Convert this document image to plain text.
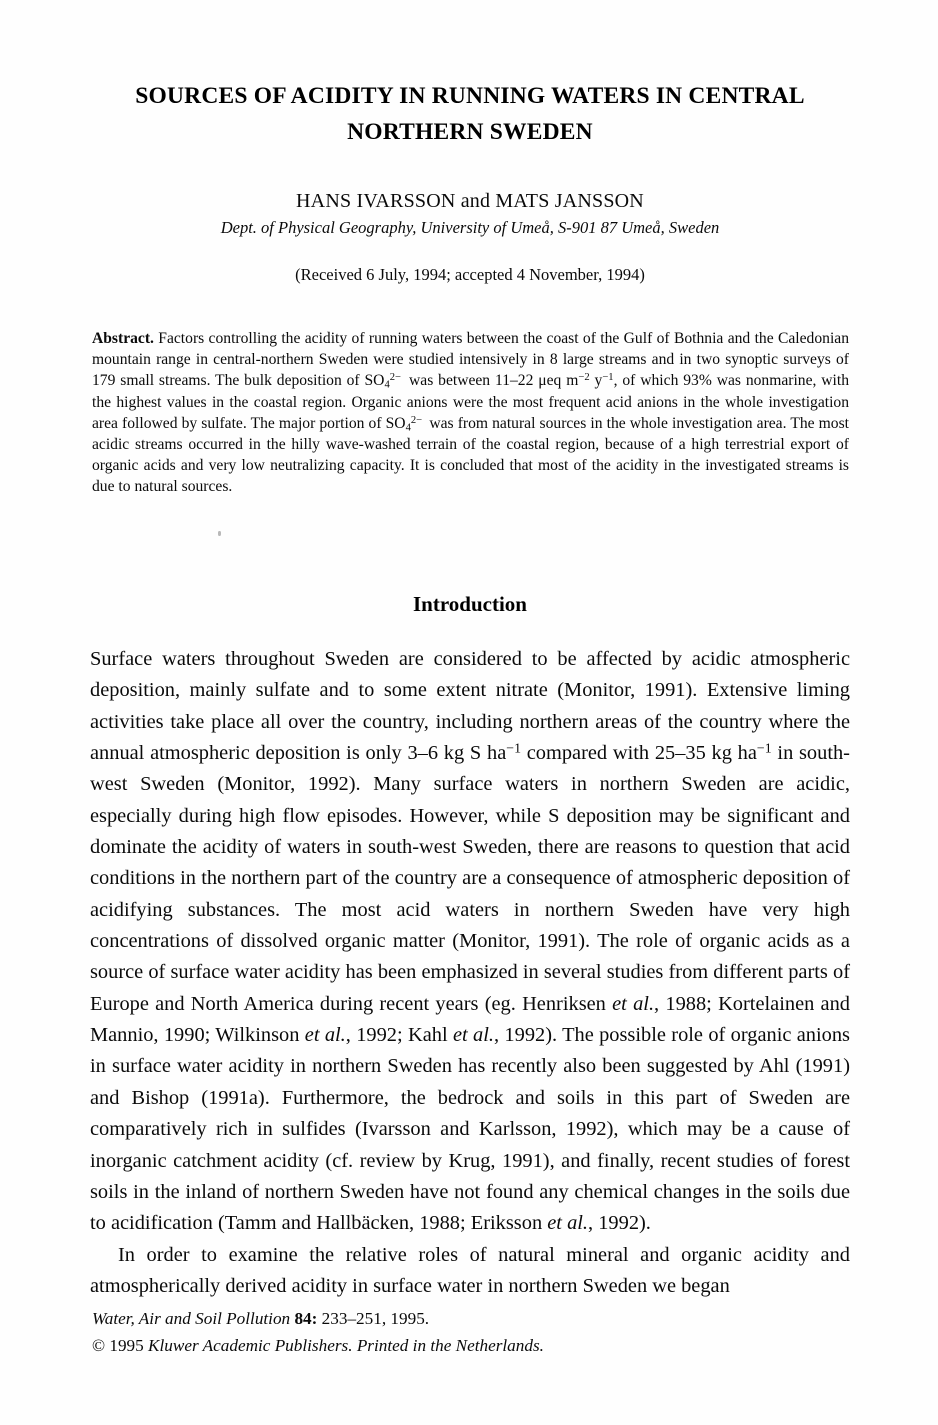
SOURCES OF ACIDITY IN RUNNING WATERS IN CENTRAL
NORTHERN SWEDEN
HANS IVARSSON and MATS JANSSON
Dept. of Physical Geography, University of Umeå, S-901 87 Umeå, Sweden
(Received 6 July, 1994; accepted 4 November, 1994)
Abstract. Factors controlling the acidity of running waters between the coast of the Gulf of Bothnia and the Caledonian mountain range in central-northern Sweden were studied intensively in 8 large streams and in two synoptic surveys of 179 small streams. The bulk deposition of $SO_4^{2-}$  was between 11–22 μeq $m^{-2}$ $y^{-1}$, of which 93% was nonmarine, with the highest values in the coastal region. Organic anions were the most frequent acid anions in the whole investigation area followed by sulfate. The major portion of $SO_4^{2-}$  was from natural sources in the whole investigation area. The most acidic streams occurred in the hilly wave-washed terrain of the coastal region, because of a high terrestrial export of organic acids and very low neutralizing capacity. It is concluded that most of the acidity in the investigated streams is due to natural sources.
Introduction

Surface waters throughout Sweden are considered to be affected by acidic atmospheric deposition, mainly sulfate and to some extent nitrate (Monitor, 1991). Extensive liming activities take place all over the country, including northern areas of the country where the annual atmospheric deposition is only 3–6 kg S $ha^{-1}$ compared with 25–35 kg $ha^{-1}$ in south-west Sweden (Monitor, 1992). Many surface waters in northern Sweden are acidic, especially during high flow episodes. However, while S deposition may be significant and dominate the acidity of waters in south-west Sweden, there are reasons to question that acid conditions in the northern part of the country are a consequence of atmospheric deposition of acidifying substances. The most acid waters in northern Sweden have very high concentrations of dissolved organic matter (Monitor, 1991). The role of organic acids as a source of surface water acidity has been emphasized in several studies from different parts of Europe and North America during recent years (eg. Henriksen et al., 1988; Kortelainen and Mannio, 1990; Wilkinson et al., 1992; Kahl et al., 1992). The possible role of organic anions in surface water acidity in northern Sweden has recently also been suggested by Ahl (1991) and Bishop (1991a). Furthermore, the bedrock and soils in this part of Sweden are comparatively rich in sulfides (Ivarsson and Karlsson, 1992), which may be a cause of inorganic catchment acidity (cf. review by Krug, 1991), and finally, recent studies of forest soils in the inland of northern Sweden have not found any chemical changes in the soils due to acidification (Tamm and Hallbäcken, 1988; Eriksson et al., 1992).

In order to examine the relative roles of natural mineral and organic acidity and atmospherically derived acidity in surface water in northern Sweden we began

Water, Air and Soil Pollution 84: 233–251, 1995.
© 1995 Kluwer Academic Publishers. Printed in the Netherlands.
